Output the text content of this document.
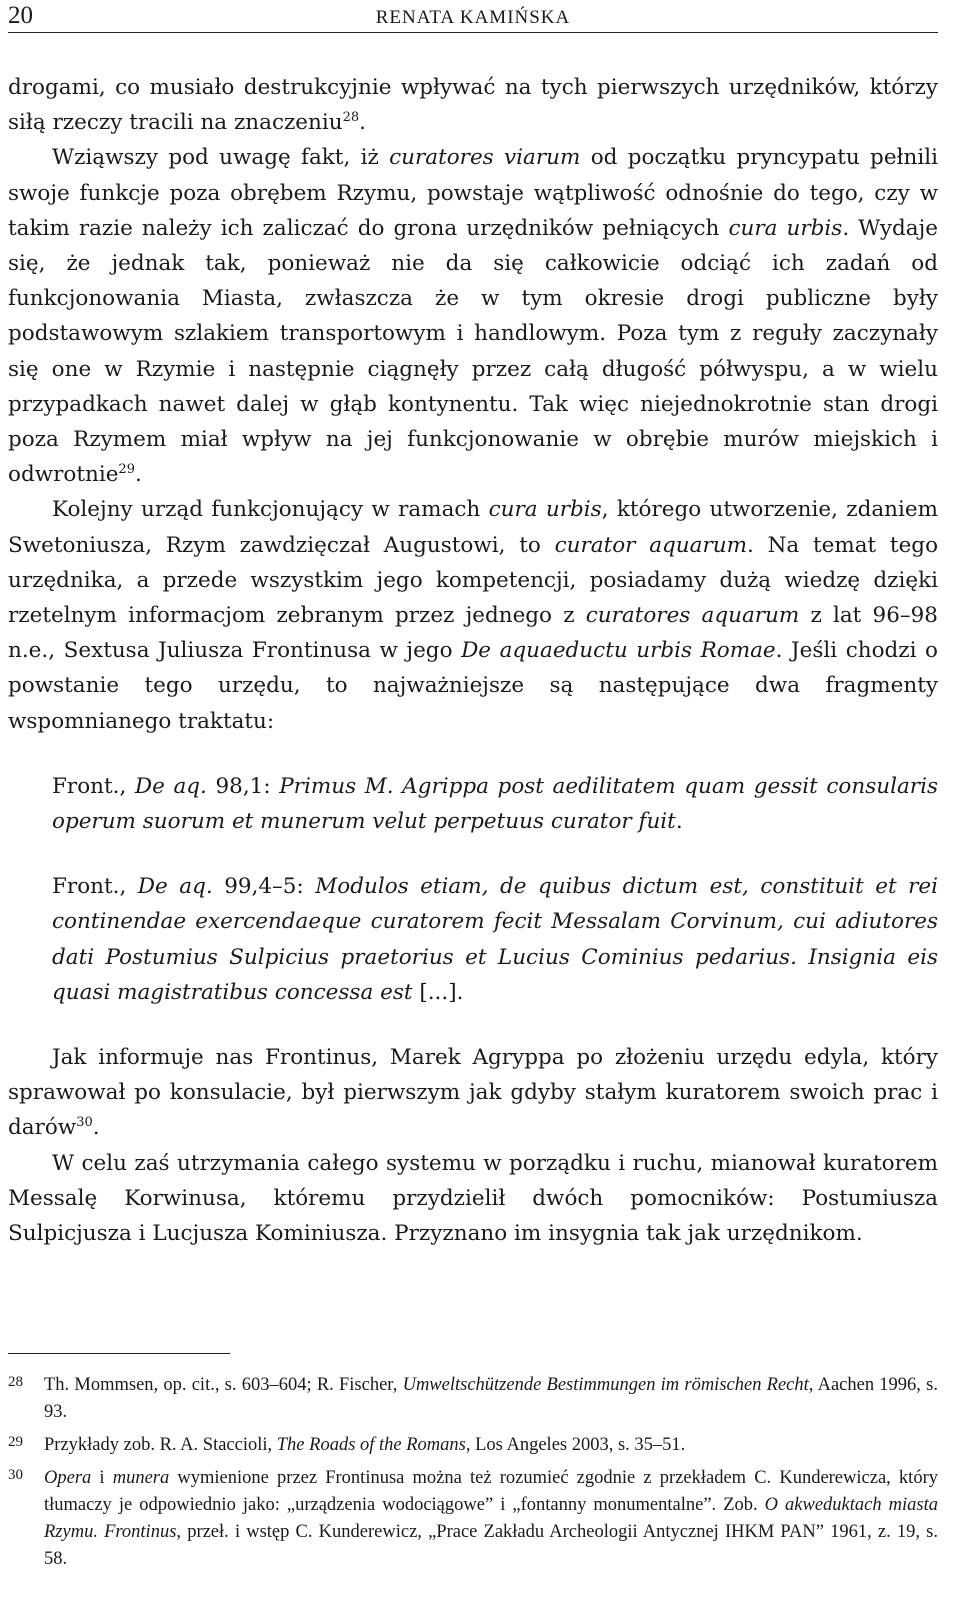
20	RENATA KAMIŃSKA

drogami, co musiało destrukcyjnie wpływać na tych pierwszych urzędników, którzy siłą rzeczy tracili na znaczeniu$^{28}$.

Wziąwszy pod uwagę fakt, iż curatores viarum od początku pryncypatu pełnili swoje funkcje poza obrębem Rzymu, powstaje wątpliwość odnośnie do tego, czy w takim razie należy ich zaliczać do grona urzędników pełniących cura urbis. Wydaje się, że jednak tak, ponieważ nie da się całkowicie odciąć ich zadań od funkcjonowania Miasta, zwłaszcza że w tym okresie drogi publiczne były podstawowym szlakiem transportowym i handlowym. Poza tym z reguły zaczynały się one w Rzymie i następnie ciągnęły przez całą długość półwyspu, a w wielu przypadkach nawet dalej w głąb kontynentu. Tak więc niejednokrotnie stan drogi poza Rzymem miał wpływ na jej funkcjonowanie w obrębie murów miejskich i odwrotnie$^{29}$.

Kolejny urząd funkcjonujący w ramach cura urbis, którego utworzenie, zdaniem Swetoniusza, Rzym zawdzięczał Augustowi, to curator aquarum. Na temat tego urzędnika, a przede wszystkim jego kompetencji, posiadamy dużą wiedzę dzięki rzetelnym informacjom zebranym przez jednego z curatores aquarum z lat 96–98 n.e., Sextusa Juliusza Frontinusa w jego De aquaeductu urbis Romae. Jeśli chodzi o powstanie tego urzędu, to najważniejsze są następujące dwa fragmenty wspomnianego traktatu:

Front., De aq. 98,1: Primus M. Agrippa post aedilitatem quam gessit consularis operum suorum et munerum velut perpetuus curator fuit.

Front., De aq. 99,4–5: Modulos etiam, de quibus dictum est, constituit et rei continendae exercendaeque curatorem fecit Messalam Corvinum, cui adiutores dati Postumius Sulpicius praetorius et Lucius Cominius pedarius. Insignia eis quasi magistratibus concessa est [...].

Jak informuje nas Frontinus, Marek Agryppa po złożeniu urzędu edyla, który sprawował po konsulacie, był pierwszym jak gdyby stałym kuratorem swoich prac i darów$^{30}$.

W celu zaś utrzymania całego systemu w porządku i ruchu, mianował kuratorem Messalę Korwinusa, któremu przydzielił dwóch pomocników: Postumiusza Sulpicjusza i Lucjusza Kominiusza. Przyznano im insygnia tak jak urzędnikom.

28 Th. Mommsen, op. cit., s. 603–604; R. Fischer, Umweltschützende Bestimmungen im römischen Recht, Aachen 1996, s. 93.
29 Przykłady zob. R. A. Staccioli, The Roads of the Romans, Los Angeles 2003, s. 35–51.
30 Opera i munera wymienione przez Frontinusa można też rozumieć zgodnie z przekładem C. Kunderewicza, który tłumaczy je odpowiednio jako: „urządzenia wodociągowe” i „fontanny monumentalne”. Zob. O akweduktach miasta Rzymu. Frontinus, przeł. i wstęp C. Kunderewicz, „Prace Zakładu Archeologii Antycznej IHKM PAN” 1961, z. 19, s. 58.
